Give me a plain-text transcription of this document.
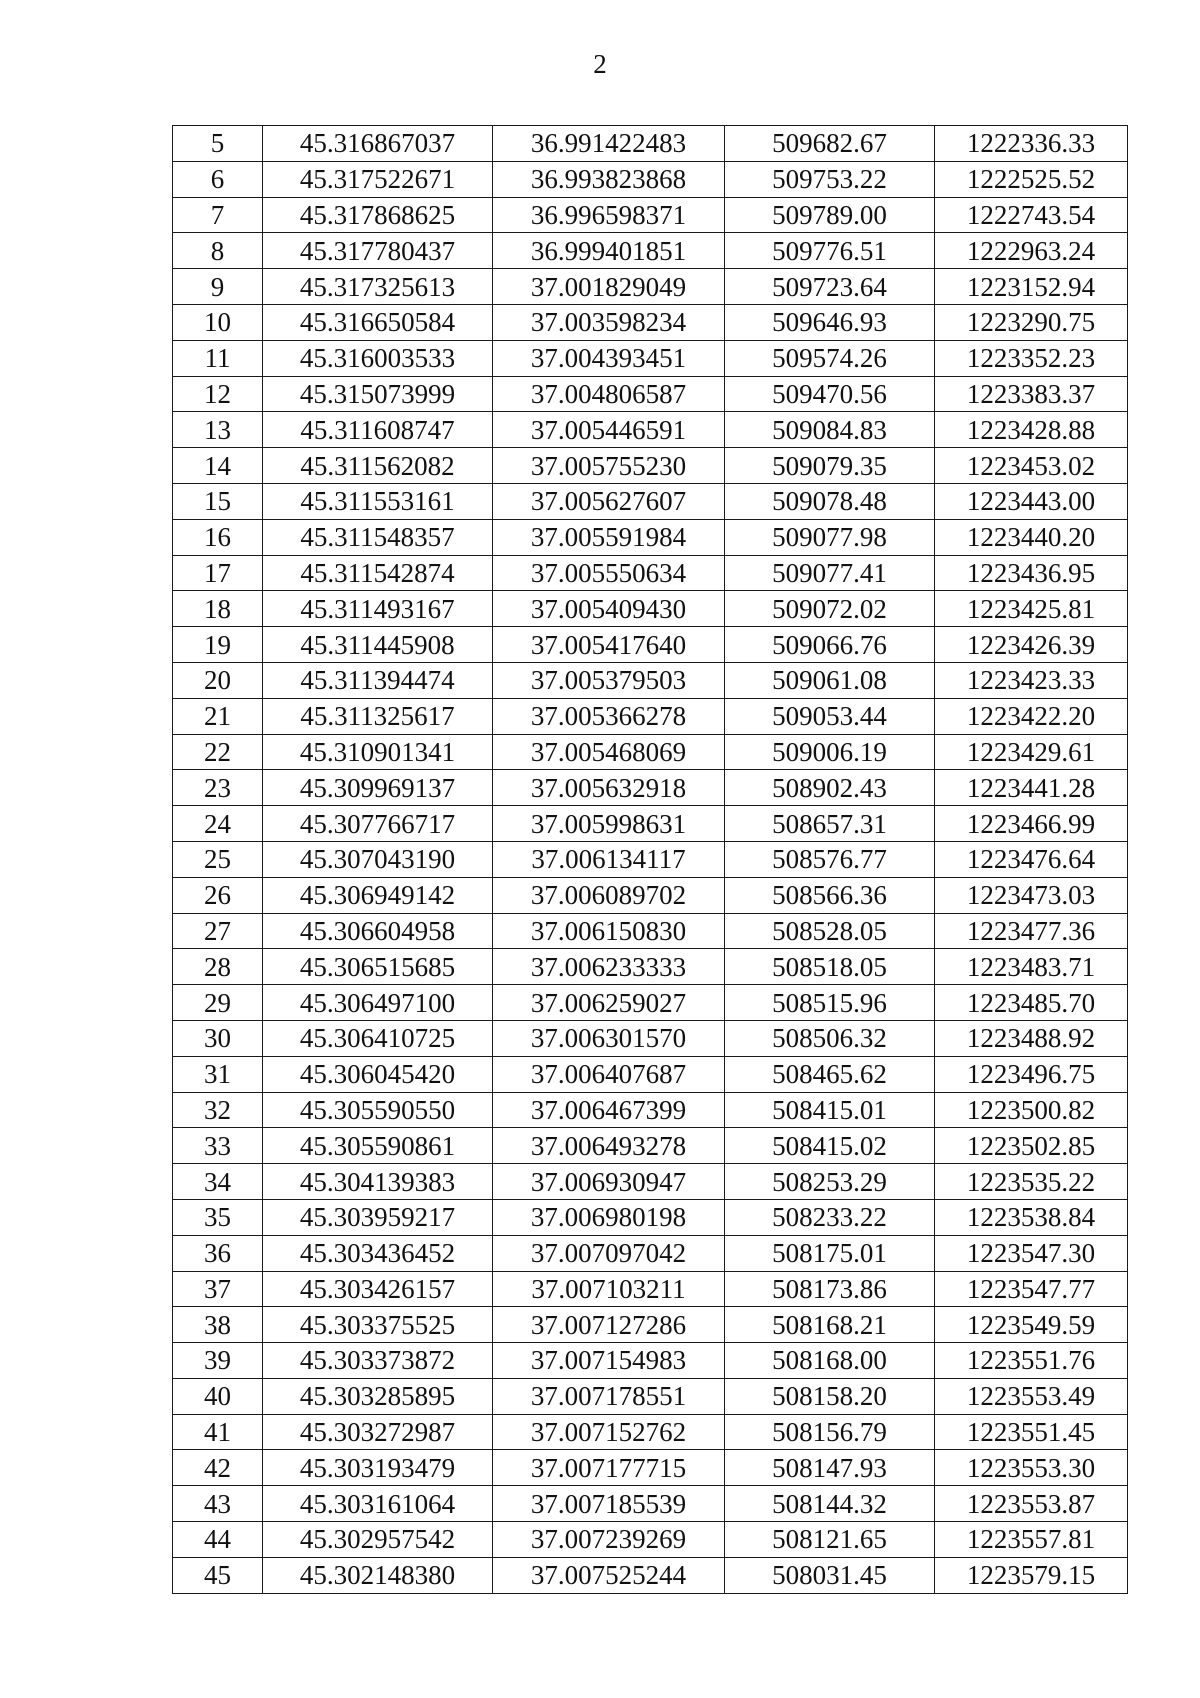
2
5	45.316867037	36.991422483	509682.67	1222336.33
6	45.317522671	36.993823868	509753.22	1222525.52
7	45.317868625	36.996598371	509789.00	1222743.54
8	45.317780437	36.999401851	509776.51	1222963.24
9	45.317325613	37.001829049	509723.64	1223152.94
10	45.316650584	37.003598234	509646.93	1223290.75
11	45.316003533	37.004393451	509574.26	1223352.23
12	45.315073999	37.004806587	509470.56	1223383.37
13	45.311608747	37.005446591	509084.83	1223428.88
14	45.311562082	37.005755230	509079.35	1223453.02
15	45.311553161	37.005627607	509078.48	1223443.00
16	45.311548357	37.005591984	509077.98	1223440.20
17	45.311542874	37.005550634	509077.41	1223436.95
18	45.311493167	37.005409430	509072.02	1223425.81
19	45.311445908	37.005417640	509066.76	1223426.39
20	45.311394474	37.005379503	509061.08	1223423.33
21	45.311325617	37.005366278	509053.44	1223422.20
22	45.310901341	37.005468069	509006.19	1223429.61
23	45.309969137	37.005632918	508902.43	1223441.28
24	45.307766717	37.005998631	508657.31	1223466.99
25	45.307043190	37.006134117	508576.77	1223476.64
26	45.306949142	37.006089702	508566.36	1223473.03
27	45.306604958	37.006150830	508528.05	1223477.36
28	45.306515685	37.006233333	508518.05	1223483.71
29	45.306497100	37.006259027	508515.96	1223485.70
30	45.306410725	37.006301570	508506.32	1223488.92
31	45.306045420	37.006407687	508465.62	1223496.75
32	45.305590550	37.006467399	508415.01	1223500.82
33	45.305590861	37.006493278	508415.02	1223502.85
34	45.304139383	37.006930947	508253.29	1223535.22
35	45.303959217	37.006980198	508233.22	1223538.84
36	45.303436452	37.007097042	508175.01	1223547.30
37	45.303426157	37.007103211	508173.86	1223547.77
38	45.303375525	37.007127286	508168.21	1223549.59
39	45.303373872	37.007154983	508168.00	1223551.76
40	45.303285895	37.007178551	508158.20	1223553.49
41	45.303272987	37.007152762	508156.79	1223551.45
42	45.303193479	37.007177715	508147.93	1223553.30
43	45.303161064	37.007185539	508144.32	1223553.87
44	45.302957542	37.007239269	508121.65	1223557.81
45	45.302148380	37.007525244	508031.45	1223579.15
